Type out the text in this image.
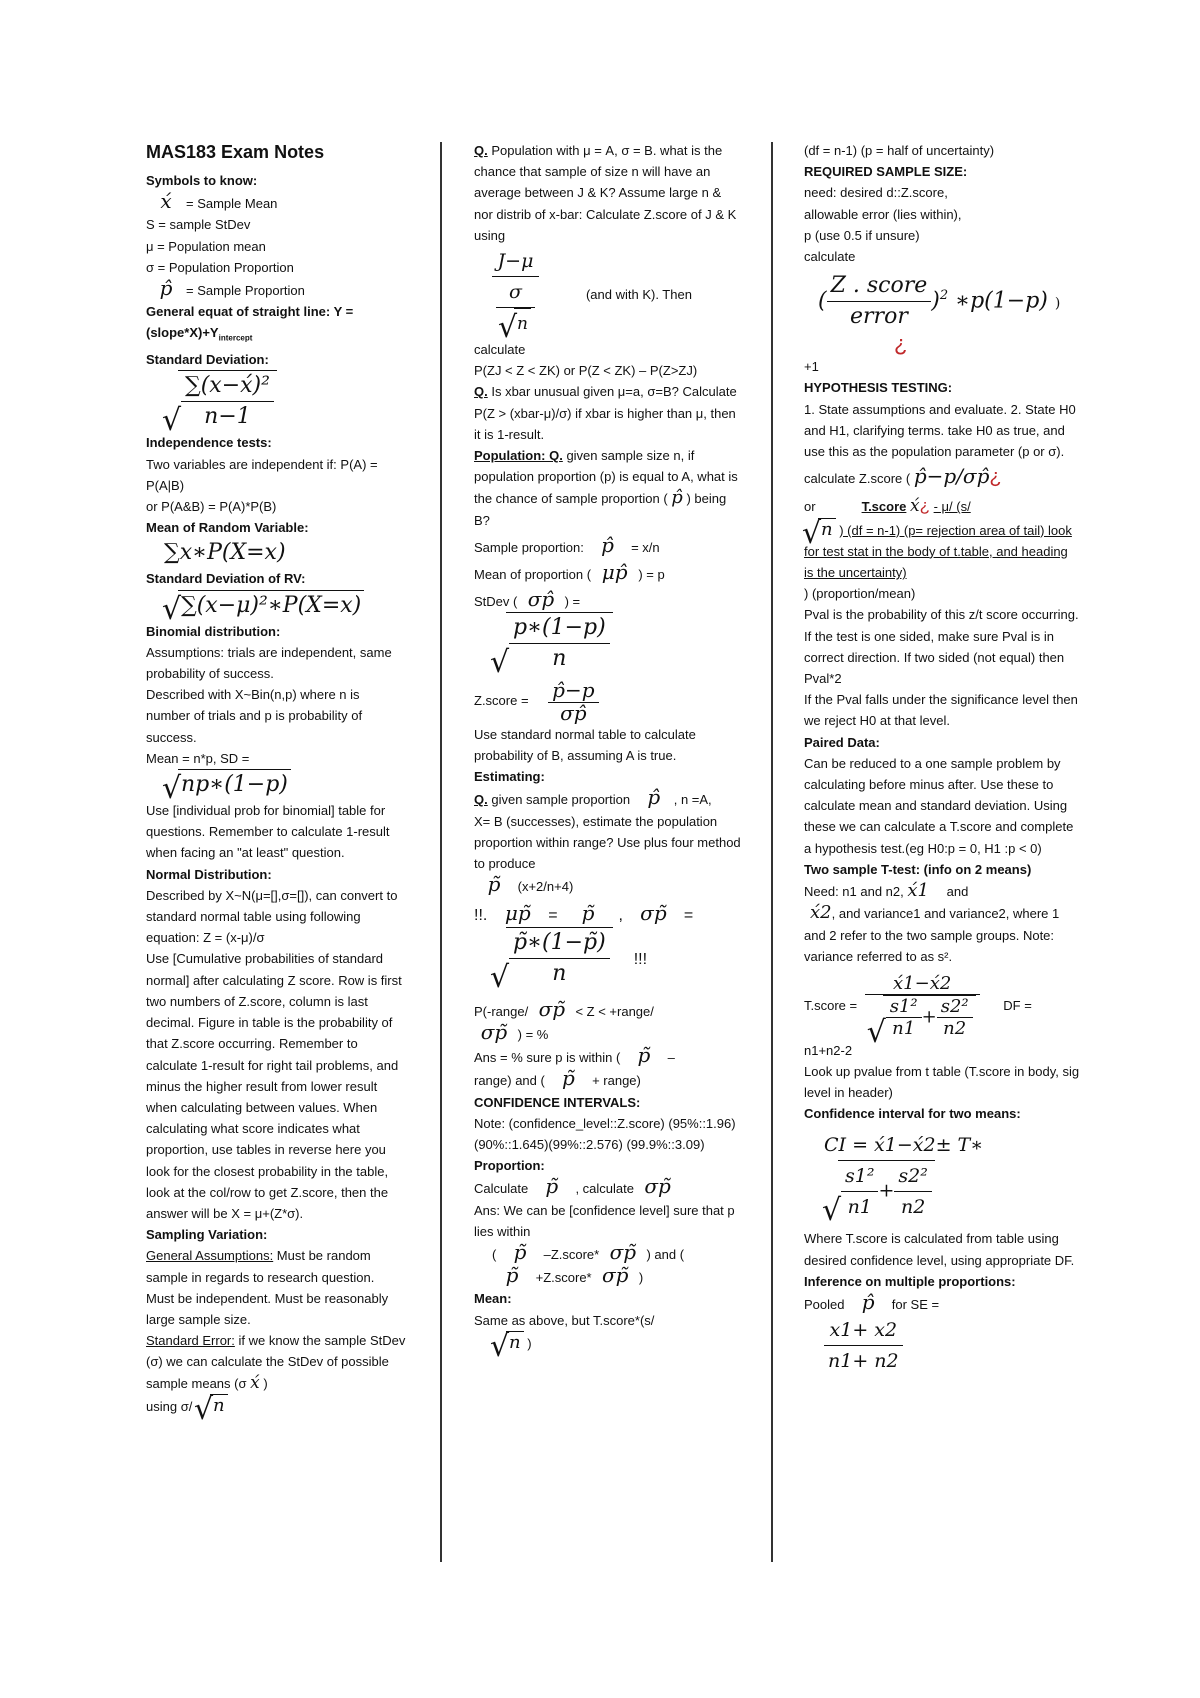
MAS183 Exam Notes
Symbols to know:
x́ = Sample Mean
S = sample StDev
μ = Population mean
σ = Population Proportion
p̂ = Sample Proportion
General equat of straight line: $Y = (slope*X)+Y_{intercept}$
Standard Deviation:
√ $\frac{\text{∑(x−x́)²}}{n-1}$
Independence tests:
Two variables are independent if: P(A) = P(A|B)
or P(A&B) = P(A)*P(B)
Mean of Random Variable:
∑x∗P(X=x)
Standard Deviation of RV:
√ ∑(x−μ)²∗P(X=x)
Binomial distribution:
Assumptions: trials are independent, same probability of success.
Described with X~Bin(n,p) where n is number of trials and p is probability of success.
Mean = n*p, SD =
√ np∗(1−p)
Use [individual prob for binomial] table for questions. Remember to calculate 1-result when facing an "at least" question.
Normal Distribution:
Described by X~N(μ=[],σ=[]), can convert to standard normal table using following equation: Z = (x-μ)/σ
Use [Cumulative probabilities of standard normal] after calculating Z score. Row is first two numbers of Z.score, column is last decimal. Figure in table is the probability of that Z.score occurring. Remember to calculate 1-result for right tail problems, and minus the higher result from lower result when calculating between values. When calculating what score indicates what proportion, use tables in reverse here you look for the closest probability in the table, look at the col/row to get Z.score, then the answer will be X = μ+(Z*σ).
Sampling Variation:
General Assumptions: Must be random sample in regards to research question. Must be independent. Must be reasonably large sample size.
Standard Error: if we know the sample StDev (σ) we can calculate the StDev of possible sample means (σ x́ )
using σ/ √ n
Q. Population with μ = A, σ = B. what is the chance that sample of size n will have an average between J & K? Assume large n & nor distrib of x-bar: Calculate Z.score of J & K using
J−μ
σ
√ n	(and with K). Then
calculate
P(ZJ < Z < ZK) or P(Z < ZK) – P(Z>ZJ)
Q. Is xbar unusual given μ=a, σ=B? Calculate P(Z > (xbar-μ)/σ) if xbar is higher than μ, then it is 1-result.
Population: Q. given sample size n, if population proportion (p) is equal to A, what is the chance of sample proportion ( p̂ ) being B?
Sample proportion: p̂ = x/n
Mean of proportion ( μp̂ ) = p
StDev ( σp̂ ) =
√ $\frac{p∗(1-p)}{n}$
Z.score = $\frac{p̂-p}{\sigma p̂}$
Use standard normal table to calculate probability of B, assuming A is true.
Estimating:
Q. given sample proportion p̂ , n =A,
X= B (successes), estimate the population proportion within range? Use plus four method to produce
p̃ (x+2/n+4)
!!. μp̃ = p̃ , σp̃ =
√ $\frac{p̃∗(1-p̃)}{n}$ !!!
P(-range/ σp̃ < Z < +range/
σp̃ ) = %
Ans = % sure p is within ( p̃ –
range) and ( p̃ + range)
CONFIDENCE INTERVALS:
Note: (confidence_level::Z.score) (95%::1.96)(90%::1.645)(99%::2.576) (99.9%::3.09)
Proportion:
Calculate p̃ , calculate σp̃
Ans: We can be [confidence level] sure that p lies within
( p̃ –Z.score* σp̃ ) and (
p̃ +Z.score* σp̃ )
Mean:
Same as above, but T.score*(s/
√ n )
(df = n-1) (p = half of uncertainty)
REQUIRED SAMPLE SIZE:
need: desired d::Z.score,
allowable error (lies within),
p (use 0.5 if unsure)
calculate
( $\frac{\text{Z . score}}{\text{error}} )^2$ ∗p(1−p) )
¿
+1
HYPOTHESIS TESTING:
1. State assumptions and evaluate. 2. State H0 and H1, clarifying terms. take H0 as true, and use this as the population parameter (p or σ).
calculate Z.score ( p̂−p/σp̂¿
or	T.score x́¿ - μ/ (s/
√ n ) (df = n-1) (p= rejection area of tail) look for test stat in the body of t.table, and heading is the uncertainty)
) (proportion/mean)
Pval is the probability of this z/t score occurring. If the test is one sided, make sure Pval is in correct direction. If two sided (not equal) then Pval*2
If the Pval falls under the significance level then we reject H0 at that level.
Paired Data:
Can be reduced to a one sample problem by calculating before minus after. Use these to calculate mean and standard deviation. Using these we can calculate a T.score and complete a hypothesis test.(eg H0:p = 0, H1 :p < 0)
Two sample T-test: (info on 2 means)
Need: n1 and n2, x́1 and
x́2, and variance1 and variance2, where 1 and 2 refer to the two sample groups. Note: variance referred to as s².
T.score = x́1−x́2
√ $\frac{\text{s1²}}{n1} + \frac{\text{s2²}}{n2}$ DF =
n1+n2-2
Look up pvalue from t table (T.score in body, sig level in header)
Confidence interval for two means:
CI = x́1−x́2± T∗
√ $\frac{\text{s1²}}{n1} + \frac{\text{s2²}}{n2}$
Where T.score is calculated from table using desired confidence level, using appropriate DF.
Inference on multiple proportions:
Pooled p̂ for SE =
$\frac{x1+ x2}{n1+ n2}$
